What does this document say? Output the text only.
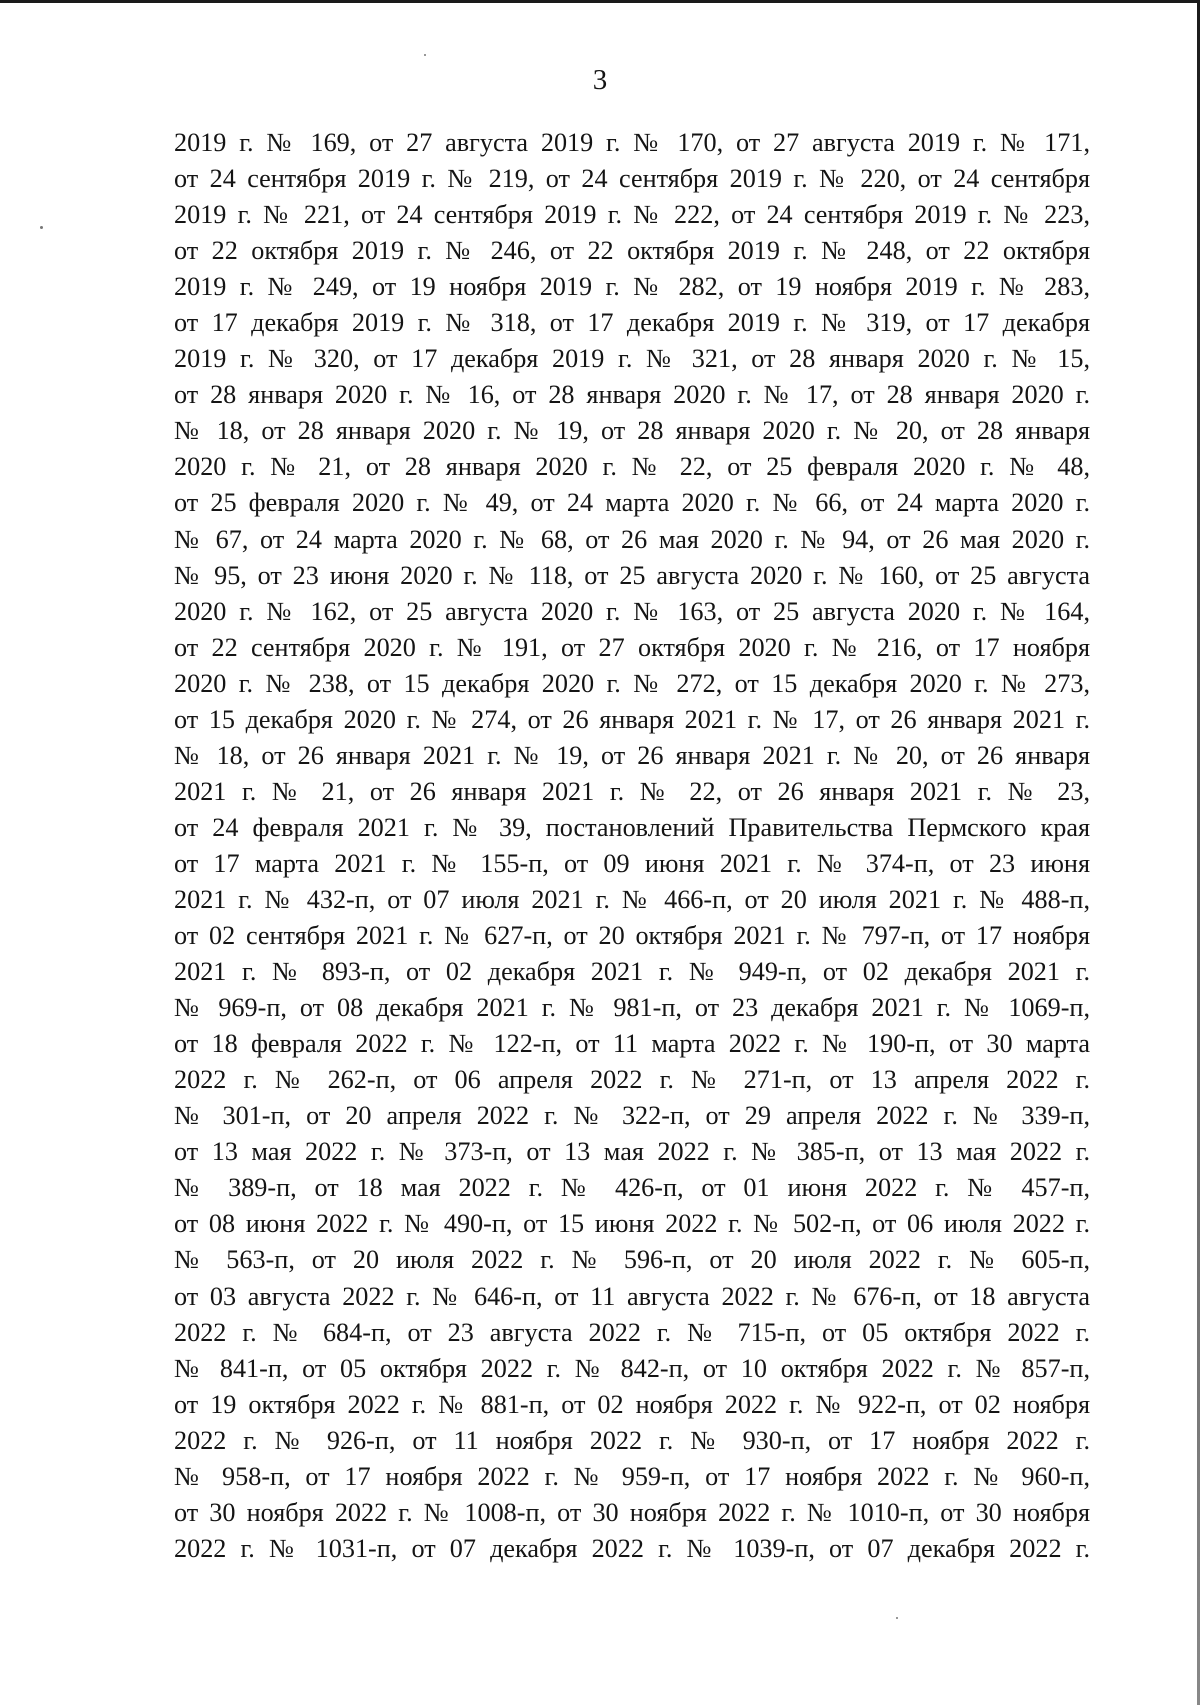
3
2019 г. № 169, от 27 августа 2019 г. № 170, от 27 августа 2019 г. № 171,
от 24 сентября 2019 г. № 219, от 24 сентября 2019 г. № 220, от 24 сентября
2019 г. № 221, от 24 сентября 2019 г. № 222, от 24 сентября 2019 г. № 223,
от 22 октября 2019 г. № 246, от 22 октября 2019 г. № 248, от 22 октября
2019 г. № 249, от 19 ноября 2019 г. № 282, от 19 ноября 2019 г. № 283,
от 17 декабря 2019 г. № 318, от 17 декабря 2019 г. № 319, от 17 декабря
2019 г. № 320, от 17 декабря 2019 г. № 321, от 28 января 2020 г. № 15,
от 28 января 2020 г. № 16, от 28 января 2020 г. № 17, от 28 января 2020 г.
№ 18, от 28 января 2020 г. № 19, от 28 января 2020 г. № 20, от 28 января
2020 г. № 21, от 28 января 2020 г. № 22, от 25 февраля 2020 г. № 48,
от 25 февраля 2020 г. № 49, от 24 марта 2020 г. № 66, от 24 марта 2020 г.
№ 67, от 24 марта 2020 г. № 68, от 26 мая 2020 г. № 94, от 26 мая 2020 г.
№ 95, от 23 июня 2020 г. № 118, от 25 августа 2020 г. № 160, от 25 августа
2020 г. № 162, от 25 августа 2020 г. № 163, от 25 августа 2020 г. № 164,
от 22 сентября 2020 г. № 191, от 27 октября 2020 г. № 216, от 17 ноября
2020 г. № 238, от 15 декабря 2020 г. № 272, от 15 декабря 2020 г. № 273,
от 15 декабря 2020 г. № 274, от 26 января 2021 г. № 17, от 26 января 2021 г.
№ 18, от 26 января 2021 г. № 19, от 26 января 2021 г. № 20, от 26 января
2021 г. № 21, от 26 января 2021 г. № 22, от 26 января 2021 г. № 23,
от 24 февраля 2021 г. № 39, постановлений Правительства Пермского края
от 17 марта 2021 г. № 155-п, от 09 июня 2021 г. № 374-п, от 23 июня
2021 г. № 432-п, от 07 июля 2021 г. № 466-п, от 20 июля 2021 г. № 488-п,
от 02 сентября 2021 г. № 627-п, от 20 октября 2021 г. № 797-п, от 17 ноября
2021 г. № 893-п, от 02 декабря 2021 г. № 949-п, от 02 декабря 2021 г.
№ 969-п, от 08 декабря 2021 г. № 981-п, от 23 декабря 2021 г. № 1069-п,
от 18 февраля 2022 г. № 122-п, от 11 марта 2022 г. № 190-п, от 30 марта
2022 г. № 262-п, от 06 апреля 2022 г. № 271-п, от 13 апреля 2022 г.
№ 301-п, от 20 апреля 2022 г. № 322-п, от 29 апреля 2022 г. № 339-п,
от 13 мая 2022 г. № 373-п, от 13 мая 2022 г. № 385-п, от 13 мая 2022 г.
№ 389-п, от 18 мая 2022 г. № 426-п, от 01 июня 2022 г. № 457-п,
от 08 июня 2022 г. № 490-п, от 15 июня 2022 г. № 502-п, от 06 июля 2022 г.
№ 563-п, от 20 июля 2022 г. № 596-п, от 20 июля 2022 г. № 605-п,
от 03 августа 2022 г. № 646-п, от 11 августа 2022 г. № 676-п, от 18 августа
2022 г. № 684-п, от 23 августа 2022 г. № 715-п, от 05 октября 2022 г.
№ 841-п, от 05 октября 2022 г. № 842-п, от 10 октября 2022 г. № 857-п,
от 19 октября 2022 г. № 881-п, от 02 ноября 2022 г. № 922-п, от 02 ноября
2022 г. № 926-п, от 11 ноября 2022 г. № 930-п, от 17 ноября 2022 г.
№ 958-п, от 17 ноября 2022 г. № 959-п, от 17 ноября 2022 г. № 960-п,
от 30 ноября 2022 г. № 1008-п, от 30 ноября 2022 г. № 1010-п, от 30 ноября
2022 г. № 1031-п, от 07 декабря 2022 г. № 1039-п, от 07 декабря 2022 г.
